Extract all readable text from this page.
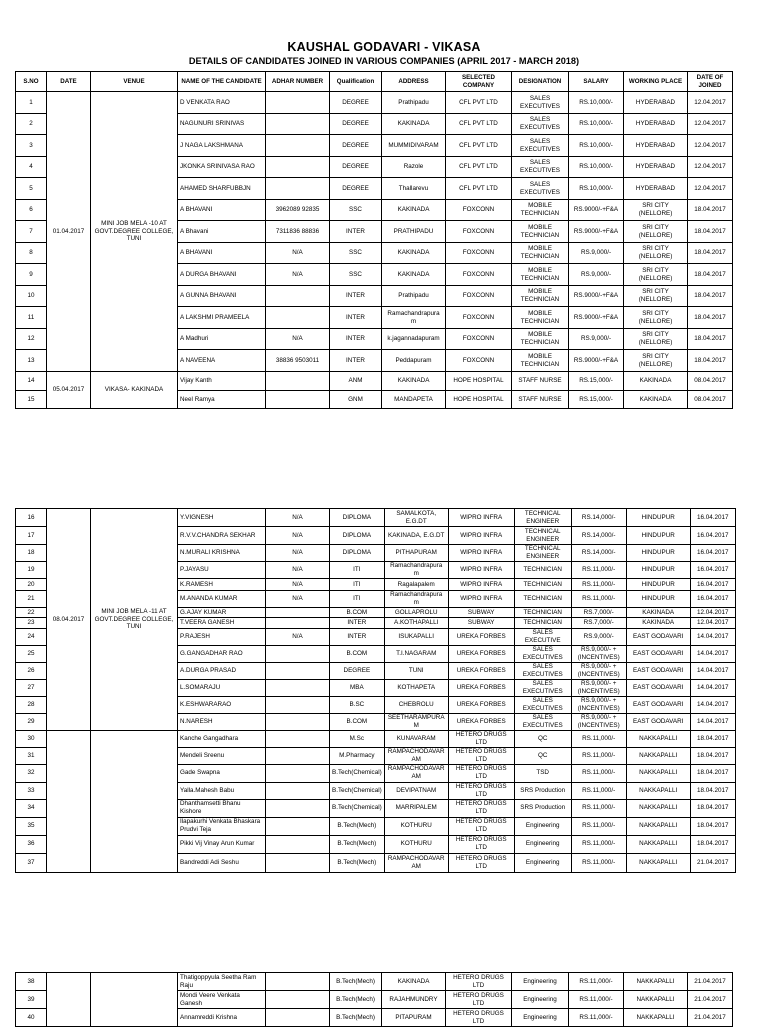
KAUSHAL GODAVARI - VIKASA
DETAILS OF CANDIDATES JOINED IN VARIOUS COMPANIES (APRIL 2017 - MARCH 2018)
S.NO	DATE	VENUE	NAME OF THE CANDIDATE	ADHAR NUMBER	Qualification	ADDRESS	SELECTED COMPANY	DESIGNATION	SALARY	WORKING PLACE	DATE OF JOINED
1	01.04.2017	MINI JOB MELA -10 AT GOVT.DEGREE COLLEGE, TUNI	D VENKATA RAO		DEGREE	Prathipadu	CFL PVT LTD	SALES EXECUTIVES	RS.10,000/-	HYDERABAD	12.04.2017
2			NAGUNURI SRINIVAS		DEGREE	KAKINADA	CFL PVT LTD	SALES EXECUTIVES	RS.10,000/-	HYDERABAD	12.04.2017
3			J NAGA LAKSHMANA		DEGREE	MUMMIDIVARAM	CFL PVT LTD	SALES EXECUTIVES	RS.10,000/-	HYDERABAD	12.04.2017
4			JKONKA SRINIVASA RAO		DEGREE	Razole	CFL PVT LTD	SALES EXECUTIVES	RS.10,000/-	HYDERABAD	12.04.2017
5			AHAMED SHARFUBBJN		DEGREE	Thallarevu	CFL PVT LTD	SALES EXECUTIVES	RS.10,000/-	HYDERABAD	12.04.2017
6			A BHAVANI	3962089 92835	SSC	KAKINADA	FOXCONN	MOBILE TECHNICIAN	RS.9000/-+F&A	SRI CITY (NELLORE)	18.04.2017
7			A Bhavani	7311836 88836	INTER	PRATHIPADU	FOXCONN	MOBILE TECHNICIAN	RS.9000/-+F&A	SRI CITY (NELLORE)	18.04.2017
8			A BHAVANI	N/A	SSC	KAKINADA	FOXCONN	MOBILE TECHNICIAN	RS.9,000/-	SRI CITY (NELLORE)	18.04.2017
9			A DURGA BHAVANI	N/A	SSC	KAKINADA	FOXCONN	MOBILE TECHNICIAN	RS.9,000/-	SRI CITY (NELLORE)	18.04.2017
10			A GUNNA BHAVANI		INTER	Prathipadu	FOXCONN	MOBILE TECHNICIAN	RS.9000/-+F&A	SRI CITY (NELLORE)	18.04.2017
11			A LAKSHMI PRAMEELA		INTER	Ramachandrapura m	FOXCONN	MOBILE TECHNICIAN	RS.9000/-+F&A	SRI CITY (NELLORE)	18.04.2017
12			A Madhuri	N/A	INTER	k.jagannadapuram	FOXCONN	MOBILE TECHNICIAN	RS.9,000/-	SRI CITY (NELLORE)	18.04.2017
13			A NAVEENA	38836 9503011	INTER	Peddapuram	FOXCONN	MOBILE TECHNICIAN	RS.9000/-+F&A	SRI CITY (NELLORE)	18.04.2017
14	05.04.2017	VIKASA- KAKINADA	Vijay Kanth		ANM	KAKINADA	HOPE HOSPITAL	STAFF NURSE	RS.15,000/-	KAKINADA	08.04.2017
15			Neel Ramya		GNM	MANDAPETA	HOPE HOSPITAL	STAFF NURSE	RS.15,000/-	KAKINADA	08.04.2017
16	08.04.2017	MINI JOB MELA -11 AT GOVT.DEGREE COLLEGE, TUNI	Y.VIGNESH	N/A	DIPLOMA	SAMALKOTA, E.G.DT	WIPRO INFRA	TECHNICAL ENGINEER	RS.14,000/-	HINDUPUR	16.04.2017
17			R.V.V.CHANDRA SEKHAR	N/A	DIPLOMA	KAKINADA, E.G.DT	WIPRO INFRA	TECHNICAL ENGINEER	RS.14,000/-	HINDUPUR	16.04.2017
18			N.MURALI KRISHNA	N/A	DIPLOMA	PITHAPURAM	WIPRO INFRA	TECHNICAL ENGINEER	RS.14,000/-	HINDUPUR	16.04.2017
19			P.JAYASU	N/A	ITI	Ramachandrapura m	WIPRO INFRA	TECHNICIAN	RS.11,000/-	HINDUPUR	16.04.2017
20			K.RAMESH	N/A	ITI	Ragalapalem	WIPRO INFRA	TECHNICIAN	RS.11,000/-	HINDUPUR	16.04.2017
21			M.ANANDA KUMAR	N/A	ITI	Ramachandrapura m	WIPRO INFRA	TECHNICIAN	RS.11,000/-	HINDUPUR	16.04.2017
22			G.AJAY KUMAR		B.COM	GOLLAPROLU	SUBWAY	TECHNICIAN	RS.7,000/-	KAKINADA	12.04.2017
23			T.VEERA GANESH		INTER	A.KOTHAPALLI	SUBWAY	TECHNICIAN	RS.7,000/-	KAKINADA	12.04.2017
24			P.RAJESH	N/A	INTER	ISUKAPALLI	UREKA FORBES	SALES EXECUTIVE	RS.9,000/-	EAST GODAVARI	14.04.2017
25			G.GANGADHAR RAO		B.COM	T.I.NAGARAM	UREKA FORBES	SALES EXECUTIVES	RS.9,000/- + (INCENTIVES)	EAST GODAVARI	14.04.2017
26			A.DURGA PRASAD		DEGREE	TUNI	UREKA FORBES	SALES EXECUTIVES	RS.9,000/- + (INCENTIVES)	EAST GODAVARI	14.04.2017
27			L.SOMARAJU		MBA	KOTHAPETA	UREKA FORBES	SALES EXECUTIVES	RS.9,000/- + (INCENTIVES)	EAST GODAVARI	14.04.2017
28			K.ESHWARARAO		B.SC	CHEBROLU	UREKA FORBES	SALES EXECUTIVES	RS.9,000/- + (INCENTIVES)	EAST GODAVARI	14.04.2017
29			N.NARESH		B.COM	SEETHARAMPURA M	UREKA FORBES	SALES EXECUTIVES	RS.9,000/- + (INCENTIVES)	EAST GODAVARI	14.04.2017
30			Kanche Gangadhara		M.Sc	KUNAVARAM	HETERO DRUGS LTD	QC	RS.11,000/-	NAKKAPALLI	18.04.2017
31			Mendeli Sreenu		M.Pharmacy	RAMPACHODAVAR AM	HETERO DRUGS LTD	QC	RS.11,000/-	NAKKAPALLI	18.04.2017
32			Gade Swapna		B.Tech(Chemical)	RAMPACHODAVAR AM	HETERO DRUGS LTD	TSD	RS.11,000/-	NAKKAPALLI	18.04.2017
33			Yalla.Mahesh Babu		B.Tech(Chemical)	DEVIPATNAM	HETERO DRUGS LTD	SRS Production	RS.11,000/-	NAKKAPALLI	18.04.2017
34			Dhanthamsetti Bhanu Kishore		B.Tech(Chemical)	MARRIPALEM	HETERO DRUGS LTD	SRS Production	RS.11,000/-	NAKKAPALLI	18.04.2017
35			Ilapakurhi Venkata Bhaskara Prudvi Teja		B.Tech(Mech)	KOTHURU	HETERO DRUGS LTD	Engineering	RS.11,000/-	NAKKAPALLI	18.04.2017
36			Pikki Vij Vinay Arun Kumar		B.Tech(Mech)	KOTHURU	HETERO DRUGS LTD	Engineering	RS.11,000/-	NAKKAPALLI	18.04.2017
37			Bandreddi Adi Seshu		B.Tech(Mech)	RAMPACHODAVAR AM	HETERO DRUGS LTD	Engineering	RS.11,000/-	NAKKAPALLI	21.04.2017
38			Thatigoppyula Seetha Ram Raju		B.Tech(Mech)	KAKINADA	HETERO DRUGS LTD	Engineering	RS.11,000/-	NAKKAPALLI	21.04.2017
39			Mondi Veere Venkata Ganesh		B.Tech(Mech)	RAJAHMUNDRY	HETERO DRUGS LTD	Engineering	RS.11,000/-	NAKKAPALLI	21.04.2017
40			Annamreddi Krishna		B.Tech(Mech)	PITAPURAM	HETERO DRUGS LTD	Engineering	RS.11,000/-	NAKKAPALLI	21.04.2017
